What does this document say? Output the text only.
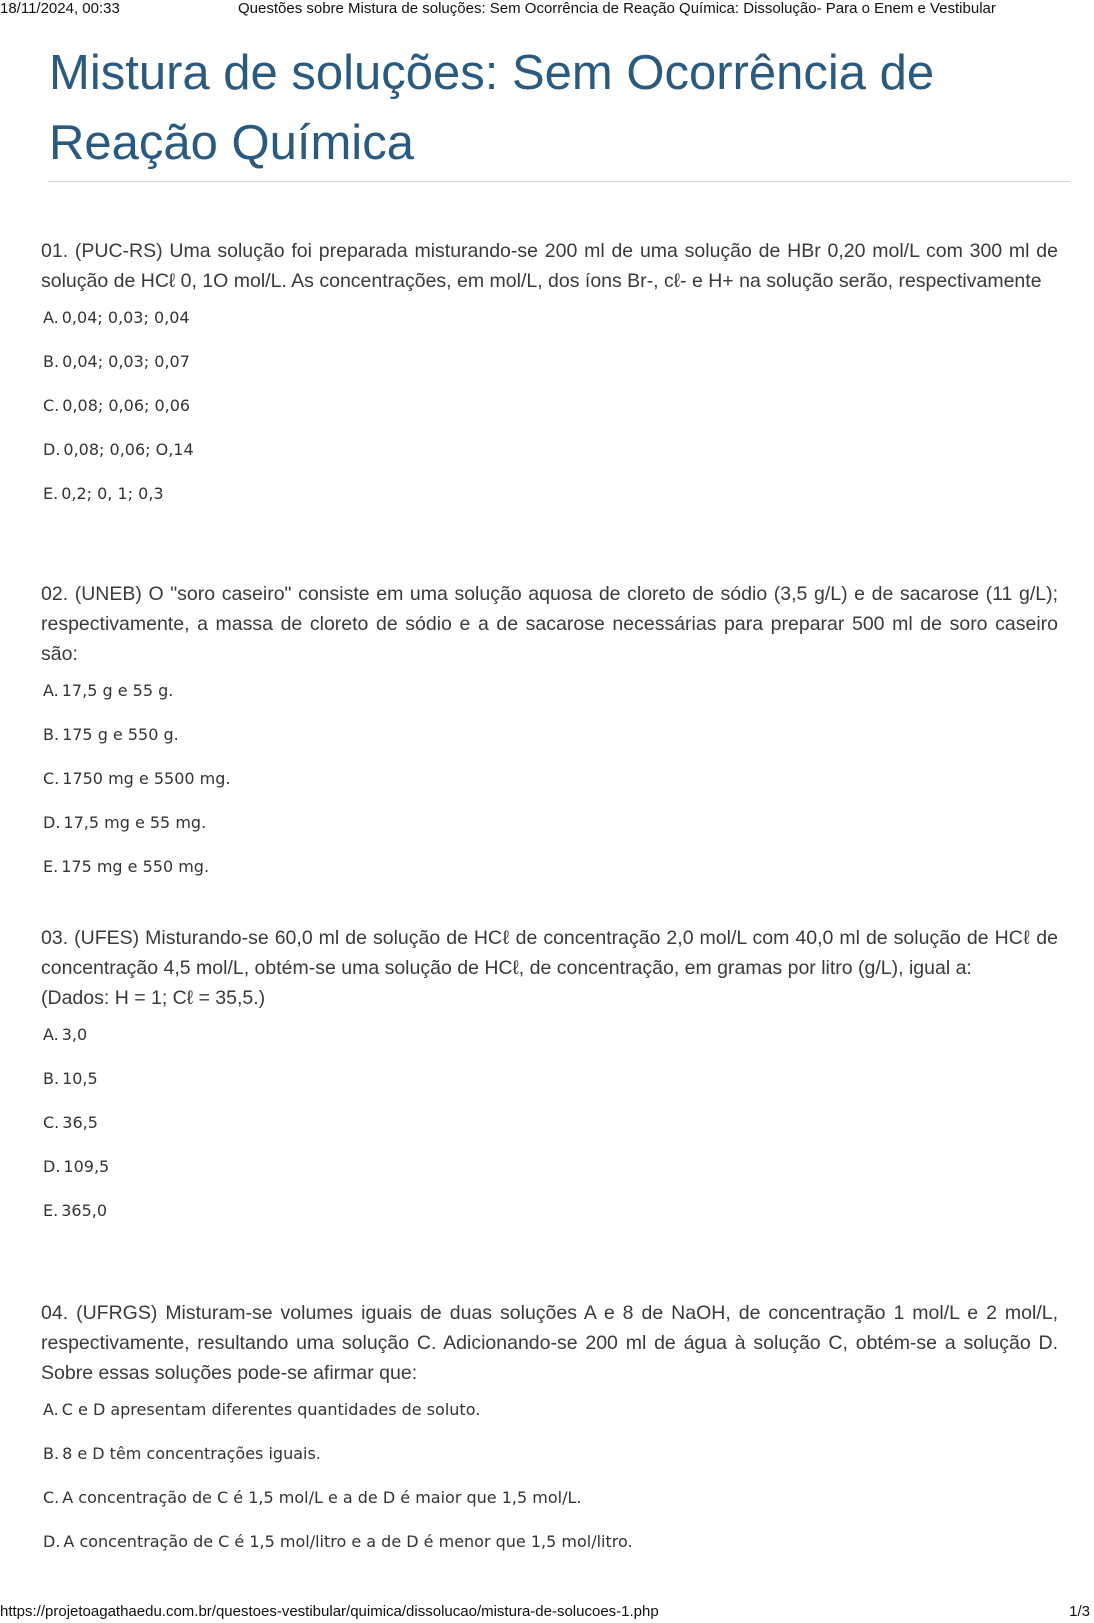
18/11/2024, 00:33	Questões sobre Mistura de soluções: Sem Ocorrência de Reação Química: Dissolução- Para o Enem e Vestibular
Mistura de soluções: Sem Ocorrência de Reação Química

01. (PUC-RS) Uma solução foi preparada misturando-se 200 ml de uma solução de HBr 0,20 mol/L com 300 ml de solução de HCℓ 0, 1O mol/L. As concentrações, em mol/L, dos íons Br-, cℓ- e H+ na solução serão, respectivamente

A. 0,04; 0,03; 0,04
B. 0,04; 0,03; 0,07
C. 0,08; 0,06; 0,06
D. 0,08; 0,06; O,14
E. 0,2; 0, 1; 0,3

02. (UNEB) O "soro caseiro" consiste em uma solução aquosa de cloreto de sódio (3,5 g/L) e de sacarose (11 g/L); respectivamente, a massa de cloreto de sódio e a de sacarose necessárias para preparar 500 ml de soro caseiro são:

A. 17,5 g e 55 g.
B. 175 g e 550 g.
C. 1750 mg e 5500 mg.
D. 17,5 mg e 55 mg.
E. 175 mg e 550 mg.

03. (UFES) Misturando-se 60,0 ml de solução de HCℓ de concentração 2,0 mol/L com 40,0 ml de solução de HCℓ de concentração 4,5 mol/L, obtém-se uma solução de HCℓ, de concentração, em gramas por litro (g/L), igual a:

(Dados: H = 1; Cℓ = 35,5.)

A. 3,0
B. 10,5
C. 36,5
D. 109,5
E. 365,0

04. (UFRGS) Misturam-se volumes iguais de duas soluções A e 8 de NaOH, de concentração 1 mol/L e 2 mol/L, respectivamente, resultando uma solução C. Adicionando-se 200 ml de água à solução C, obtém-se a solução D. Sobre essas soluções pode-se afirmar que:

A. C e D apresentam diferentes quantidades de soluto.
B. 8 e D têm concentrações iguais.
C. A concentração de C é 1,5 mol/L e a de D é maior que 1,5 mol/L.
D. A concentração de C é 1,5 mol/litro e a de D é menor que 1,5 mol/litro.
https://projetoagathaedu.com.br/questoes-vestibular/quimica/dissolucao/mistura-de-solucoes-1.php	1/3
